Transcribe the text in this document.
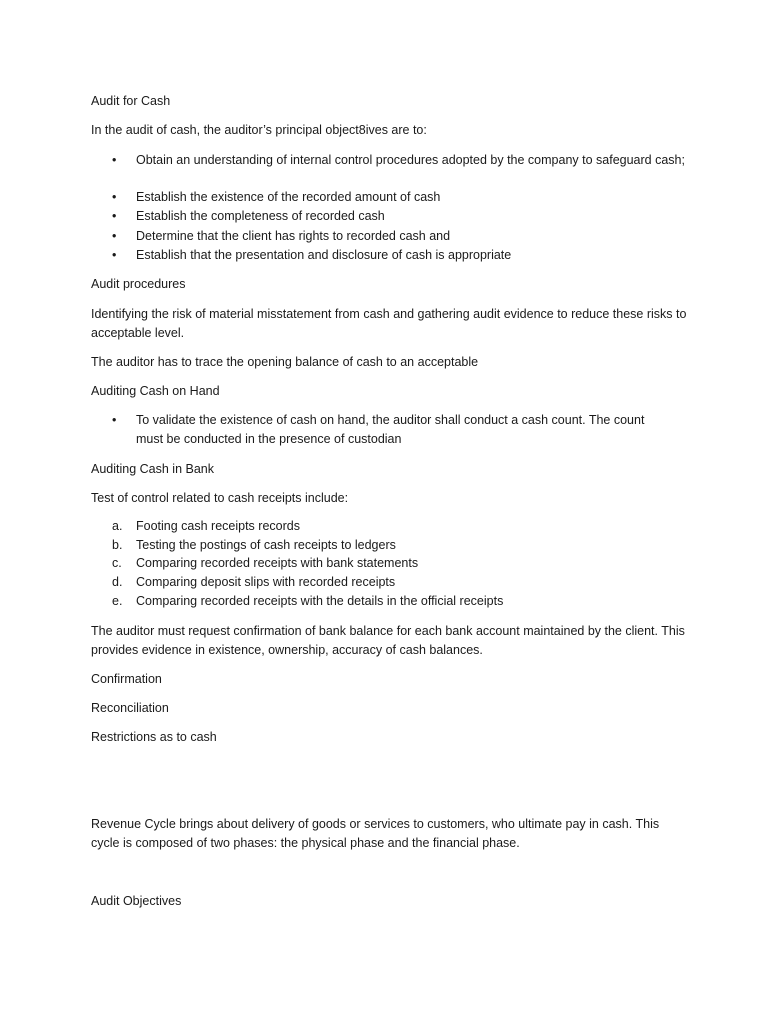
Audit for Cash
In the audit of cash, the auditor’s principal object8ives are to:
• Obtain an understanding of internal control procedures adopted by the company to safeguard cash;
• Establish the existence of the recorded amount of cash
• Establish the completeness of recorded cash
• Determine that the client has rights to recorded cash and
• Establish that the presentation and disclosure of cash is appropriate
Audit procedures
Identifying the risk of material misstatement from cash and gathering audit evidence to reduce these risks to acceptable level.
The auditor has to trace the opening balance of cash to an acceptable
Auditing Cash on Hand
• To validate the existence of cash on hand, the auditor shall conduct a cash count. The count must be conducted in the presence of custodian
Auditing Cash in Bank
Test of control related to cash receipts include:
a. Footing cash receipts records
b. Testing the postings of cash receipts to ledgers
c. Comparing recorded receipts with bank statements
d. Comparing deposit slips with recorded receipts
e. Comparing recorded receipts with the details in the official receipts
The auditor must request confirmation of bank balance for each bank account maintained by the client. This provides evidence in existence, ownership, accuracy of cash balances.
Confirmation
Reconciliation
Restrictions as to cash
Revenue Cycle brings about delivery of goods or services to customers, who ultimate pay in cash. This cycle is composed of two phases: the physical phase and the financial phase.
Audit Objectives
